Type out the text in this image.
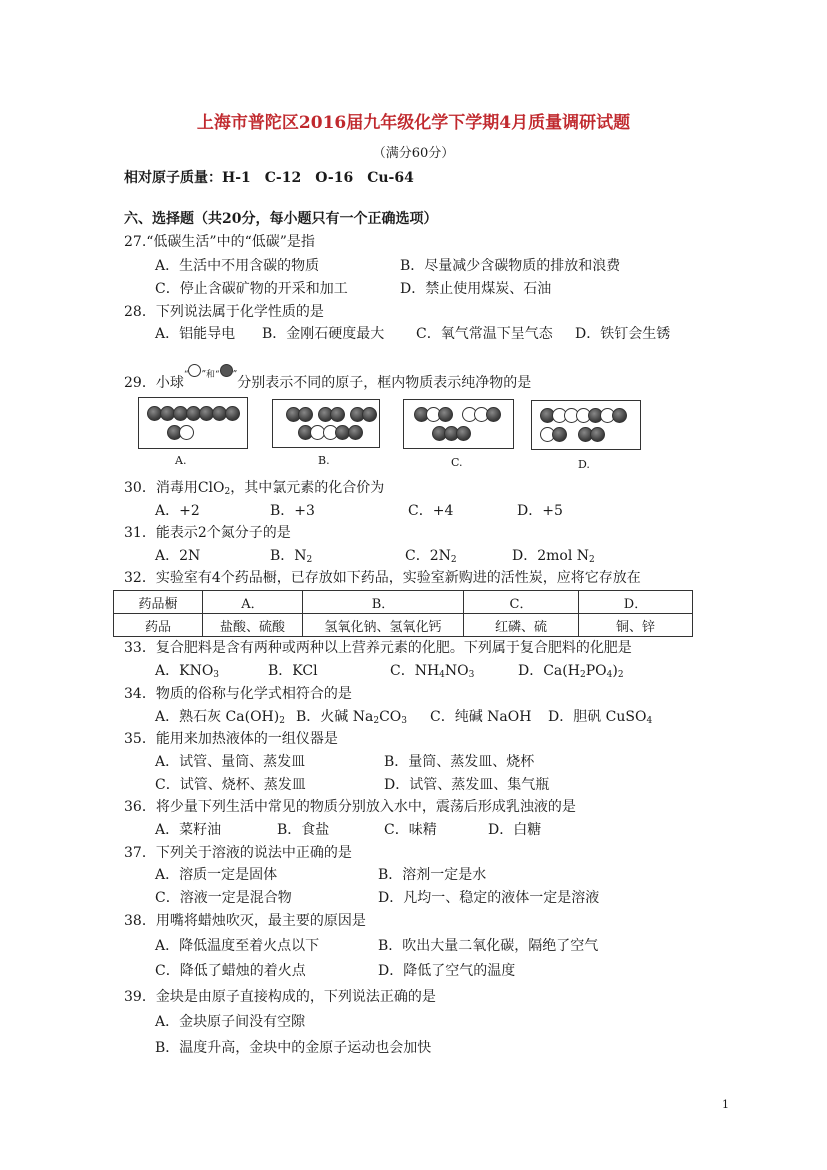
上海市普陀区2016届九年级化学下学期4月质量调研试题
（满分60分）
相对原子质量：H-1　C-12　O-16　Cu-64
六、选择题（共20分，每小题只有一个正确选项）
27.“低碳生活”中的“低碳”是指
A．生活中不用含碳的物质	B．尽量减少含碳物质的排放和浪费
C．停止含碳矿物的开采和加工	D．禁止使用煤炭、石油
28．下列说法属于化学性质的是
A．铝能导电 B．金刚石硬度最大 C．氧气常温下呈气态 D．铁钉会生锈
29．小球“ $^{”和“}$ ”分别表示不同的原子，框内物质表示纯净物的是
A.	B.	C.	D.
30．消毒用ClO$_2$，其中氯元素的化合价为
A．+2	B．+3	C．+4	D．+5
31．能表示2个氮分子的是
A．2N	B．$N_2$	C．$2N_2$	D．2mol $N_2$
32．实验室有4个药品橱，已存放如下药品，实验室新购进的活性炭，应将它存放在
药品橱	A．	B．	C．	D．
药品	盐酸、硫酸	氢氧化钠、氢氧化钙	红磷、硫	铜、锌
33．复合肥料是含有两种或两种以上营养元素的化肥。下列属于复合肥料的化肥是
A．$KNO_3$	B．KCl	C．$NH_4NO_3$	D．$Ca(H_2PO_4)_2$
34．物质的俗称与化学式相符合的是
A．熟石灰 $Ca(OH)_2$ B．火碱 $Na_2CO_3$ C．纯碱 NaOH D．胆矾 CuSO$_4$
35．能用来加热液体的一组仪器是
A．试管、量筒、蒸发皿	B．量筒、蒸发皿、烧杯
C．试管、烧杯、蒸发皿	D．试管、蒸发皿、集气瓶
36．将少量下列生活中常见的物质分别放入水中，震荡后形成乳浊液的是
A．菜籽油	B．食盐	C．味精	D．白糖
37．下列关于溶液的说法中正确的是
A．溶质一定是固体	B．溶剂一定是水
C．溶液一定是混合物	D．凡均一、稳定的液体一定是溶液
38．用嘴将蜡烛吹灭，最主要的原因是
A．降低温度至着火点以下	B．吹出大量二氧化碳，隔绝了空气
C．降低了蜡烛的着火点	D．降低了空气的温度
39．金块是由原子直接构成的，下列说法正确的是
A．金块原子间没有空隙
B．温度升高，金块中的金原子运动也会加快
1
